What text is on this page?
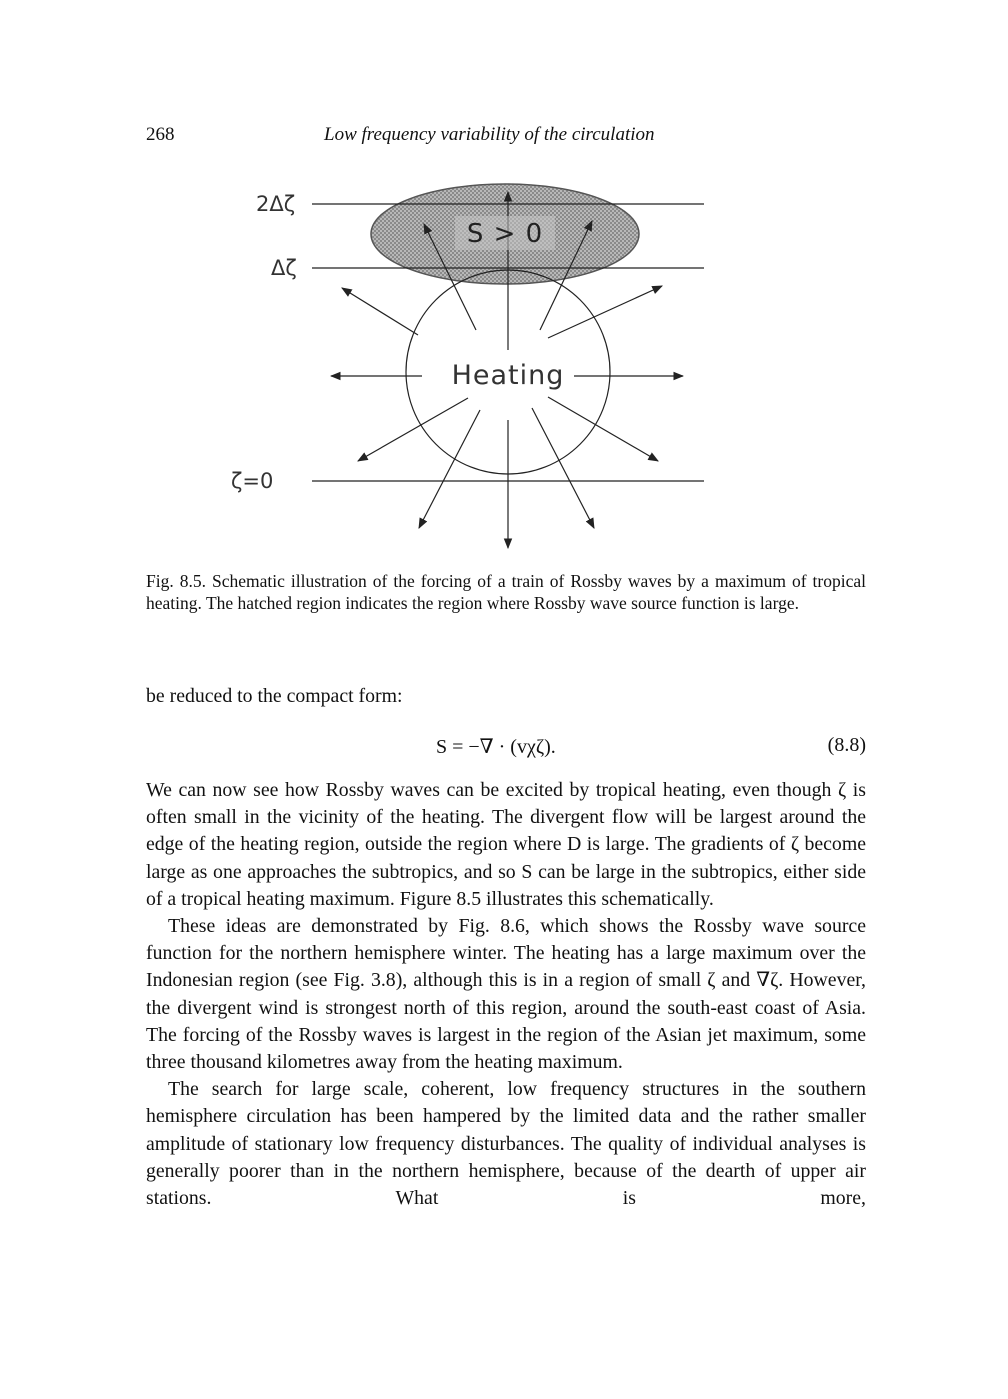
268	Low frequency variability of the circulation
S > 0
Heating
2Δζ
Δζ
ζ=0
Fig. 8.5. Schematic illustration of the forcing of a train of Rossby waves by a maximum of tropical heating. The hatched region indicates the region where Rossby wave source function is large.

be reduced to the compact form:

S = −∇ · (vχζ).	(8.8)

We can now see how Rossby waves can be excited by tropical heating, even though ζ is often small in the vicinity of the heating. The divergent flow will be largest around the edge of the heating region, outside the region where D is large. The gradients of ζ become large as one approaches the subtropics, and so S can be large in the subtropics, either side of a tropical heating maximum. Figure 8.5 illustrates this schematically.

These ideas are demonstrated by Fig. 8.6, which shows the Rossby wave source function for the northern hemisphere winter. The heating has a large maximum over the Indonesian region (see Fig. 3.8), although this is in a region of small ζ and ∇ζ. However, the divergent wind is strongest north of this region, around the south-east coast of Asia. The forcing of the Rossby waves is largest in the region of the Asian jet maximum, some three thousand kilometres away from the heating maximum.

The search for large scale, coherent, low frequency structures in the southern hemisphere circulation has been hampered by the limited data and the rather smaller amplitude of stationary low frequency disturbances. The quality of individual analyses is generally poorer than in the northern hemisphere, because of the dearth of upper air stations. What is more,
